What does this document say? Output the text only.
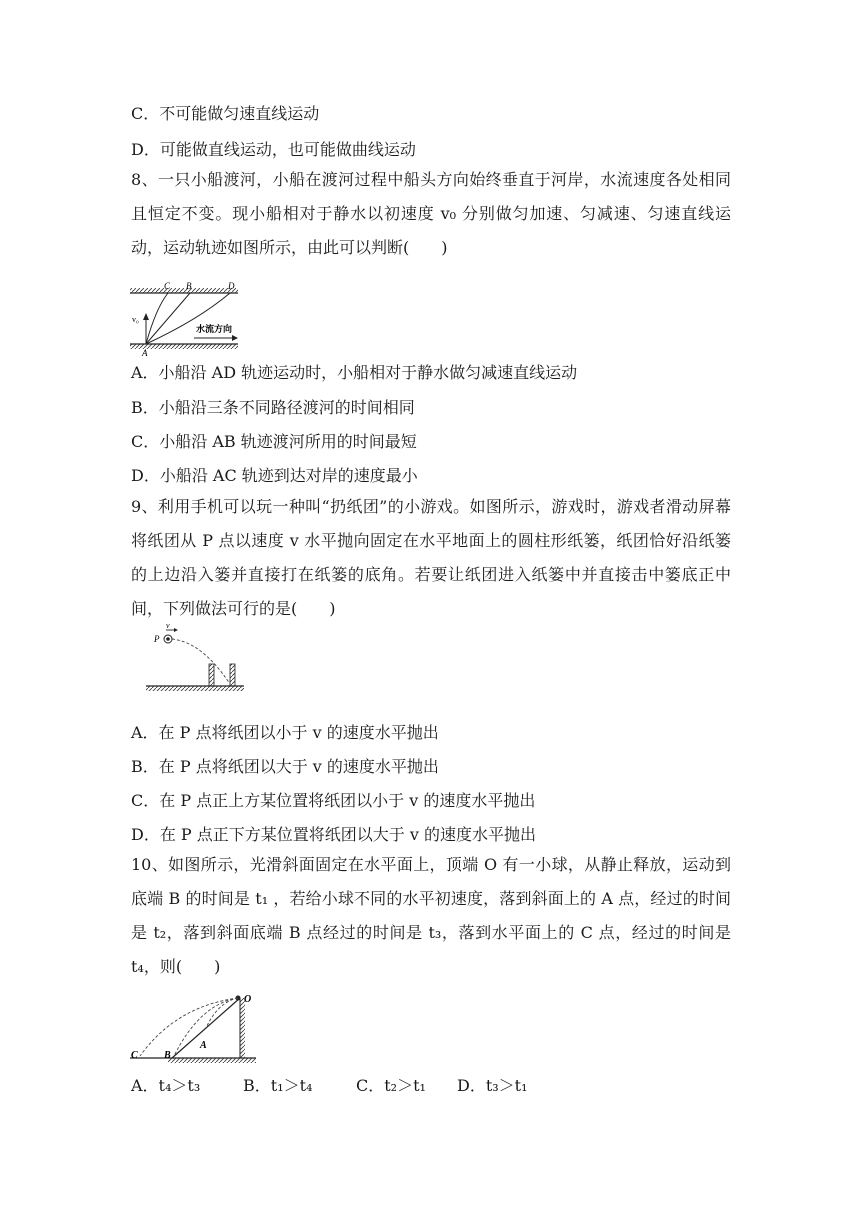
C．不可能做匀速直线运动
D．可能做直线运动，也可能做曲线运动
8、一只小船渡河，小船在渡河过程中船头方向始终垂直于河岸，水流速度各处相同且恒定不变。现小船相对于静水以初速度 v₀ 分别做匀加速、匀减速、匀速直线运动，运动轨迹如图所示，由此可以判断(　　)
C B	D
A
v₀
水流方向
A．小船沿 AD 轨迹运动时，小船相对于静水做匀减速直线运动
B．小船沿三条不同路径渡河的时间相同
C．小船沿 AB 轨迹渡河所用的时间最短
D．小船沿 AC 轨迹到达对岸的速度最小
9、利用手机可以玩一种叫“扔纸团”的小游戏。如图所示，游戏时，游戏者滑动屏幕将纸团从 P 点以速度 v 水平抛向固定在水平地面上的圆柱形纸篓，纸团恰好沿纸篓的上边沿入篓并直接打在纸篓的底角。若要让纸团进入纸篓中并直接击中篓底正中间，下列做法可行的是(　　)
v
P
A．在 P 点将纸团以小于 v 的速度水平抛出
B．在 P 点将纸团以大于 v 的速度水平抛出
C．在 P 点正上方某位置将纸团以小于 v 的速度水平抛出
D．在 P 点正下方某位置将纸团以大于 v 的速度水平抛出
10、如图所示，光滑斜面固定在水平面上，顶端 O 有一小球，从静止释放，运动到底端 B 的时间是 t₁ ，若给小球不同的水平初速度，落到斜面上的 A 点，经过的时间是 t₂，落到斜面底端 B 点经过的时间是 t₃，落到水平面上的 C 点，经过的时间是 t₄，则(　　)
O
A
B
C
A．t₄＞t₃	B．t₁＞t₄	C．t₂＞t₁ D．t₃＞t₁
